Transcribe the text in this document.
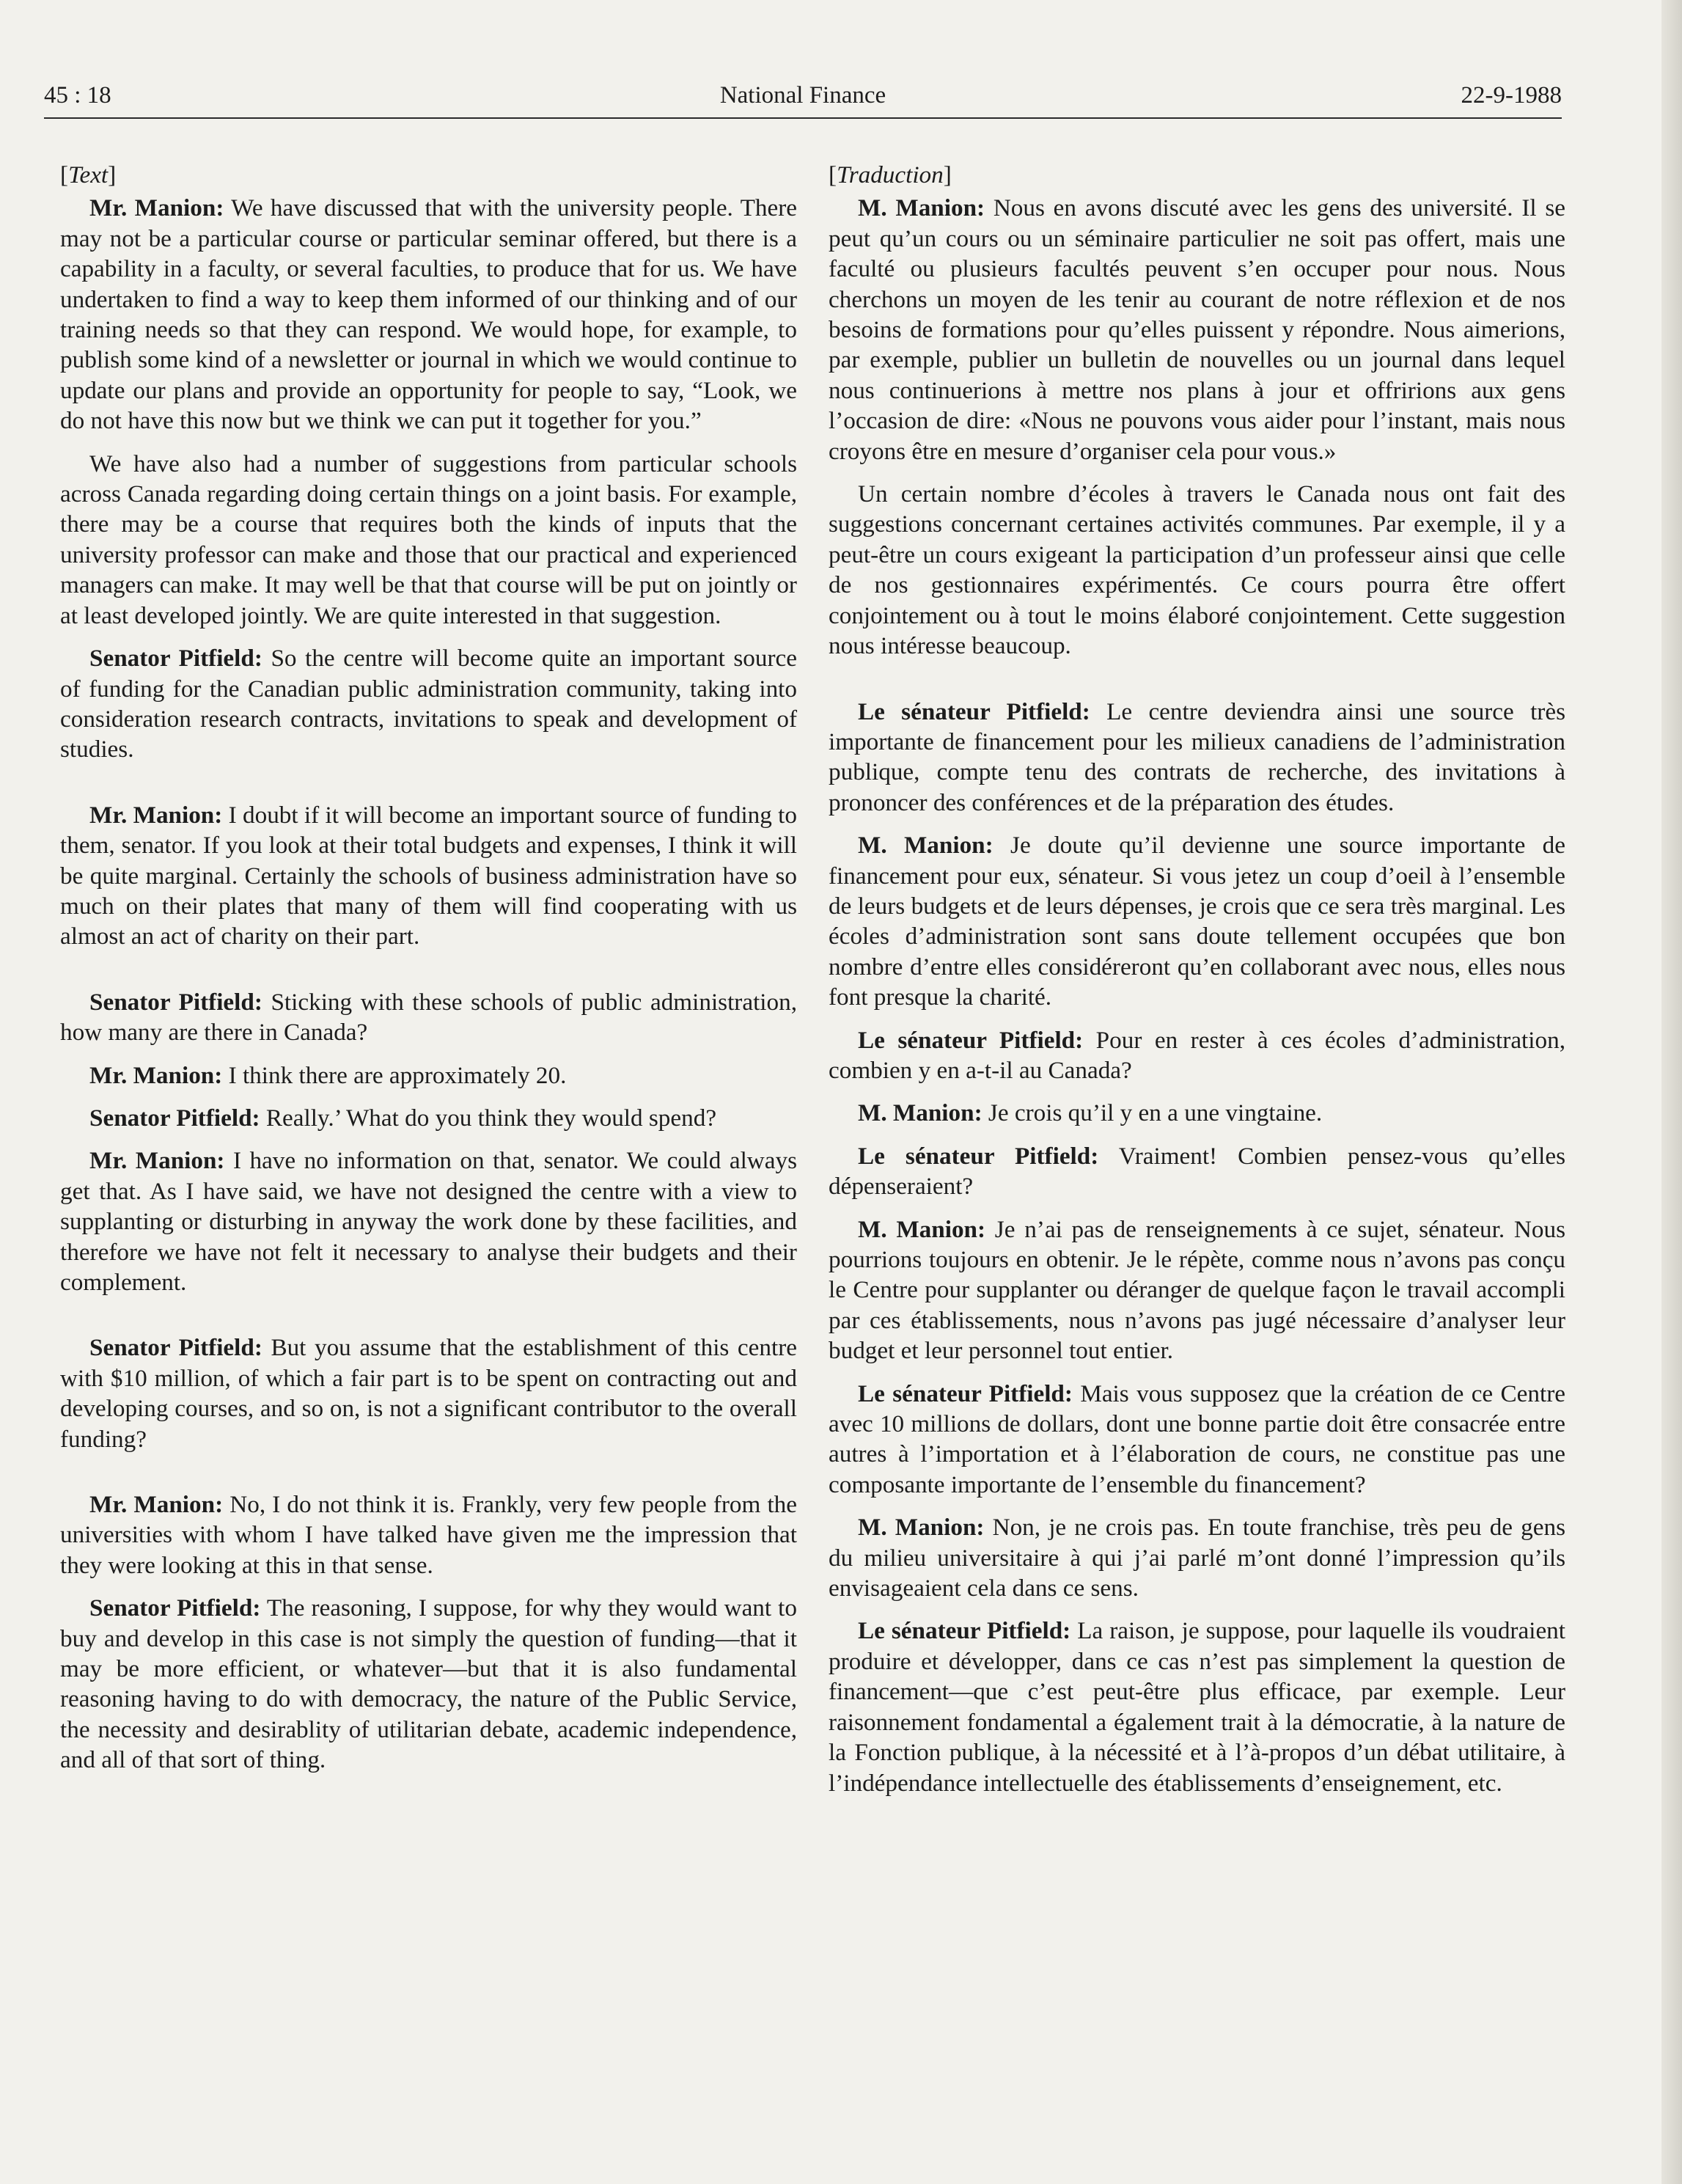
45 : 18	National Finance	22-9-1988
[Text]

Mr. Manion: We have discussed that with the university people. There may not be a particular course or particular seminar offered, but there is a capability in a faculty, or several faculties, to produce that for us. We have undertaken to find a way to keep them informed of our thinking and of our training needs so that they can respond. We would hope, for example, to publish some kind of a newsletter or journal in which we would continue to update our plans and provide an opportunity for people to say, “Look, we do not have this now but we think we can put it together for you.”

We have also had a number of suggestions from particular schools across Canada regarding doing certain things on a joint basis. For example, there may be a course that requires both the kinds of inputs that the university professor can make and those that our practical and experienced managers can make. It may well be that that course will be put on jointly or at least developed jointly. We are quite interested in that suggestion.

Senator Pitfield: So the centre will become quite an important source of funding for the Canadian public administration community, taking into consideration research contracts, invitations to speak and development of studies.

Mr. Manion: I doubt if it will become an important source of funding to them, senator. If you look at their total budgets and expenses, I think it will be quite marginal. Certainly the schools of business administration have so much on their plates that many of them will find cooperating with us almost an act of charity on their part.

Senator Pitfield: Sticking with these schools of public administration, how many are there in Canada?

Mr. Manion: I think there are approximately 20.

Senator Pitfield: Really.’ What do you think they would spend?

Mr. Manion: I have no information on that, senator. We could always get that. As I have said, we have not designed the centre with a view to supplanting or disturbing in anyway the work done by these facilities, and therefore we have not felt it necessary to analyse their budgets and their complement.

Senator Pitfield: But you assume that the establishment of this centre with $10 million, of which a fair part is to be spent on contracting out and developing courses, and so on, is not a significant contributor to the overall funding?

Mr. Manion: No, I do not think it is. Frankly, very few people from the universities with whom I have talked have given me the impression that they were looking at this in that sense.

Senator Pitfield: The reasoning, I suppose, for why they would want to buy and develop in this case is not simply the question of funding—that it may be more efficient, or whatever—but that it is also fundamental reasoning having to do with democracy, the nature of the Public Service, the necessity and desirablity of utilitarian debate, academic independence, and all of that sort of thing.

[Traduction]

M. Manion: Nous en avons discuté avec les gens des université. Il se peut qu’un cours ou un séminaire particulier ne soit pas offert, mais une faculté ou plusieurs facultés peuvent s’en occuper pour nous. Nous cherchons un moyen de les tenir au courant de notre réflexion et de nos besoins de formations pour qu’elles puissent y répondre. Nous aimerions, par exemple, publier un bulletin de nouvelles ou un journal dans lequel nous continuerions à mettre nos plans à jour et offririons aux gens l’occasion de dire: «Nous ne pouvons vous aider pour l’instant, mais nous croyons être en mesure d’organiser cela pour vous.»

Un certain nombre d’écoles à travers le Canada nous ont fait des suggestions concernant certaines activités communes. Par exemple, il y a peut-être un cours exigeant la participation d’un professeur ainsi que celle de nos gestionnaires expérimentés. Ce cours pourra être offert conjointement ou à tout le moins élaboré conjointement. Cette suggestion nous intéresse beaucoup.

Le sénateur Pitfield: Le centre deviendra ainsi une source très importante de financement pour les milieux canadiens de l’administration publique, compte tenu des contrats de recherche, des invitations à prononcer des conférences et de la préparation des études.

M. Manion: Je doute qu’il devienne une source importante de financement pour eux, sénateur. Si vous jetez un coup d’oeil à l’ensemble de leurs budgets et de leurs dépenses, je crois que ce sera très marginal. Les écoles d’administration sont sans doute tellement occupées que bon nombre d’entre elles considéreront qu’en collaborant avec nous, elles nous font presque la charité.

Le sénateur Pitfield: Pour en rester à ces écoles d’administration, combien y en a-t-il au Canada?

M. Manion: Je crois qu’il y en a une vingtaine.

Le sénateur Pitfield: Vraiment! Combien pensez-vous qu’elles dépenseraient?

M. Manion: Je n’ai pas de renseignements à ce sujet, sénateur. Nous pourrions toujours en obtenir. Je le répète, comme nous n’avons pas conçu le Centre pour supplanter ou déranger de quelque façon le travail accompli par ces établissements, nous n’avons pas jugé nécessaire d’analyser leur budget et leur personnel tout entier.

Le sénateur Pitfield: Mais vous supposez que la création de ce Centre avec 10 millions de dollars, dont une bonne partie doit être consacrée entre autres à l’importation et à l’élaboration de cours, ne constitue pas une composante importante de l’ensemble du financement?

M. Manion: Non, je ne crois pas. En toute franchise, très peu de gens du milieu universitaire à qui j’ai parlé m’ont donné l’impression qu’ils envisageaient cela dans ce sens.

Le sénateur Pitfield: La raison, je suppose, pour laquelle ils voudraient produire et développer, dans ce cas n’est pas simplement la question de financement—que c’est peut-être plus efficace, par exemple. Leur raisonnement fondamental a également trait à la démocratie, à la nature de la Fonction publique, à la nécessité et à l’à-propos d’un débat utilitaire, à l’indépendance intellectuelle des établissements d’enseignement, etc.
